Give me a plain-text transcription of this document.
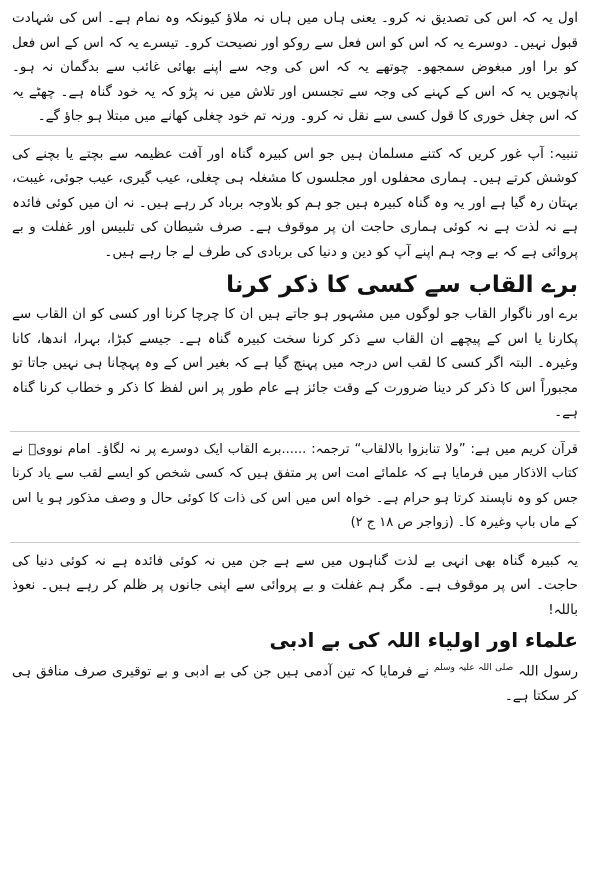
اول یہ کہ اس کی تصدیق نہ کرو۔ یعنی ہاں میں ہاں نہ ملاؤ کیونکہ وہ نمام ہے۔ اس کی شہادت قبول نہیں۔ دوسرے یہ کہ اس کو اس فعل سے روکو اور نصیحت کرو۔ تیسرے یہ کہ اس کے اس فعل کو برا اور مبغوض سمجھو۔ چوتھے یہ کہ اس کی وجہ سے اپنے بھائی غائب سے بدگمان نہ ہو۔ پانچویں یہ کہ اس کے کہنے کی وجہ سے تجسس اور تلاش میں نہ پڑو کہ یہ خود گناہ ہے۔ چھٹے یہ کہ اس چغل خوری کا قول کسی سے نقل نہ کرو۔ ورنہ تم خود چغلی کھانے میں مبتلا ہو جاؤ گے۔

تنبیہ: آپ غور کریں کہ کتنے مسلمان ہیں جو اس کبیرہ گناہ اور آفت عظیمہ سے بچتے یا بچنے کی کوشش کرتے ہیں۔ ہماری محفلوں اور مجلسوں کا مشغلہ ہی چغلی، عیب گیری، عیب جوئی، غیبت، بہتان رہ گیا ہے اور یہ وہ گناہ کبیرہ ہیں جو ہم کو بلاوجہ برباد کر رہے ہیں۔ نہ ان میں کوئی فائدہ ہے نہ لذت ہے نہ کوئی ہماری حاجت ان پر موقوف ہے۔ صرف شیطان کی تلبیس اور غفلت و بے پروائی ہے کہ بے وجہ ہم اپنے آپ کو دین و دنیا کی بربادی کی طرف لے جا رہے ہیں۔

برے القاب سے کسی کا ذکر کرنا

برے اور ناگوار القاب جو لوگوں میں مشہور ہو جاتے ہیں ان کا چرچا کرنا اور کسی کو ان القاب سے پکارنا یا اس کے پیچھے ان القاب سے ذکر کرنا سخت کبیرہ گناہ ہے۔ جیسے کبڑا، بہرا، اندھا، کانا وغیرہ۔ البتہ اگر کسی کا لقب اس درجہ میں پہنچ گیا ہے کہ بغیر اس کے وہ پہچانا ہی نہیں جاتا تو مجبوراً اس کا ذکر کر دینا ضرورت کے وقت جائز ہے عام طور پر اس لفظ کا ذکر و خطاب کرنا گناہ ہے۔

قرآن کریم میں ہے: ”ولا تنابزوا بالالقاب“ ترجمہ: ......برے القاب ایک دوسرے پر نہ لگاؤ۔ امام نوویؒ نے کتاب الاذکار میں فرمایا ہے کہ علمائے امت اس پر متفق ہیں کہ کسی شخص کو ایسے لقب سے یاد کرنا جس کو وہ ناپسند کرتا ہو حرام ہے۔ خواہ اس میں اس کی ذات کا کوئی حال و وصف مذکور ہو یا اس کے ماں باپ وغیرہ کا۔ (زواجر ص ۱۸ ج ۲)

یہ کبیرہ گناہ بھی انہی بے لذت گناہوں میں سے ہے جن میں نہ کوئی فائدہ ہے نہ کوئی دنیا کی حاجت۔ اس پر موقوف ہے۔ مگر ہم غفلت و بے پروائی سے اپنی جانوں پر ظلم کر رہے ہیں۔ نعوذ باللہ!

علماء اور اولیاء اللہ کی بے ادبی

رسول اللہ $^{صلی اللہ علیہ وسلم}$ نے فرمایا کہ تین آدمی ہیں جن کی بے ادبی و بے توقیری صرف منافق ہی کر سکتا ہے۔
